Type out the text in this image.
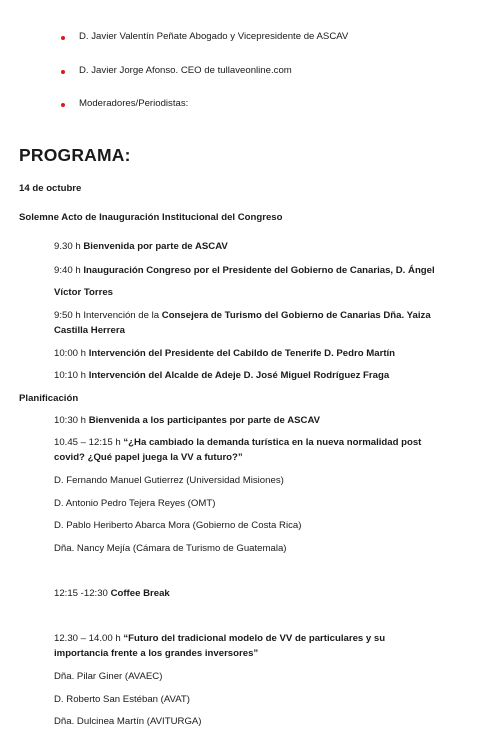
D. Javier Valentín Peñate Abogado y Vicepresidente de ASCAV
D. Javier Jorge Afonso. CEO de tullaveonline.com
Moderadores/Periodistas:
PROGRAMA:
14 de octubre
Solemne Acto de Inauguración Institucional del Congreso
9.30 h Bienvenida por parte de ASCAV
9:40 h Inauguración Congreso por el Presidente del Gobierno de Canarias, D. Ángel
Víctor Torres
9:50 h Intervención de la Consejera de Turismo del Gobierno de Canarias Dña. Yaiza
Castilla Herrera
10:00 h Intervención del Presidente del Cabildo de Tenerife D. Pedro Martín
10:10 h Intervención del Alcalde de Adeje D. José Miguel Rodríguez Fraga
Planificación
10:30 h Bienvenida a los participantes por parte de ASCAV
10.45 – 12:15 h “¿Ha cambiado la demanda turística en la nueva normalidad post
covid? ¿Qué papel juega la VV a futuro?”
D. Fernando Manuel Gutierrez (Universidad Misiones)
D. Antonio Pedro Tejera Reyes (OMT)
D. Pablo Heriberto Abarca Mora (Gobierno de Costa Rica)
Dña. Nancy Mejía (Cámara de Turismo de Guatemala)
12:15 -12:30 Coffee Break
12.30 – 14.00 h “Futuro del tradicional modelo de VV de particulares y su
importancia frente a los grandes inversores”
Dña. Pilar Giner (AVAEC)
D. Roberto San Estéban (AVAT)
Dña. Dulcinea Martín (AVITURGA)
